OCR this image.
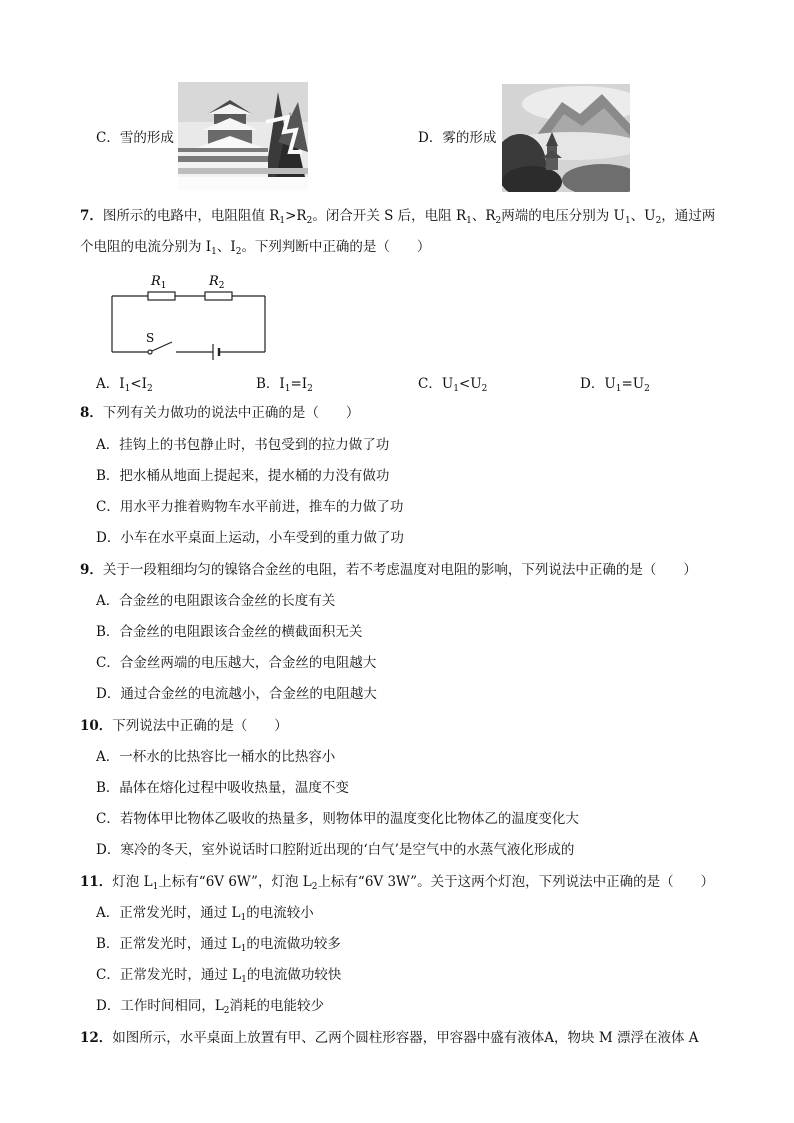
C．雪的形成	D．雾的形成
7．图所示的电路中，电阻阻值 $R_1>R_2$。闭合开关 S 后，电阻 $R_1$、$R_2$两端的电压分别为 $U_1$、$U_2$，通过两
个电阻的电流分别为 $I_1$、$I_2$。下列判断中正确的是（　　）
$R_1$	$R_2$
S
A．$I_1<I_2$	B．$I_1=I_2$	C．$U_1<U_2$	D．$U_1=U_2$
8．下列有关力做功的说法中正确的是（　　）
A．挂钩上的书包静止时，书包受到的拉力做了功
B．把水桶从地面上提起来，提水桶的力没有做功
C．用水平力推着购物车水平前进，推车的力做了功
D．小车在水平桌面上运动，小车受到的重力做了功
9．关于一段粗细均匀的镍铬合金丝的电阻，若不考虑温度对电阻的影响，下列说法中正确的是（　　）
A．合金丝的电阻跟该合金丝的长度有关
B．合金丝的电阻跟该合金丝的横截面积无关
C．合金丝两端的电压越大，合金丝的电阻越大
D．通过合金丝的电流越小，合金丝的电阻越大
10．下列说法中正确的是（　　）
A．一杯水的比热容比一桶水的比热容小
B．晶体在熔化过程中吸收热量，温度不变
C．若物体甲比物体乙吸收的热量多，则物体甲的温度变化比物体乙的温度变化大
D．寒冷的冬天，室外说话时口腔附近出现的‘白气’是空气中的水蒸气液化形成的
11．灯泡 $L_1$上标有“6V 6W”，灯泡 $L_2$上标有“6V 3W”。关于这两个灯泡，下列说法中正确的是（　　）
A．正常发光时，通过 $L_1$的电流较小
B．正常发光时，通过 $L_1$的电流做功较多
C．正常发光时，通过 $L_1$的电流做功较快
D．工作时间相同，$L_2$消耗的电能较少
12．如图所示，水平桌面上放置有甲、乙两个圆柱形容器，甲容器中盛有液体A，物块 M 漂浮在液体 A
